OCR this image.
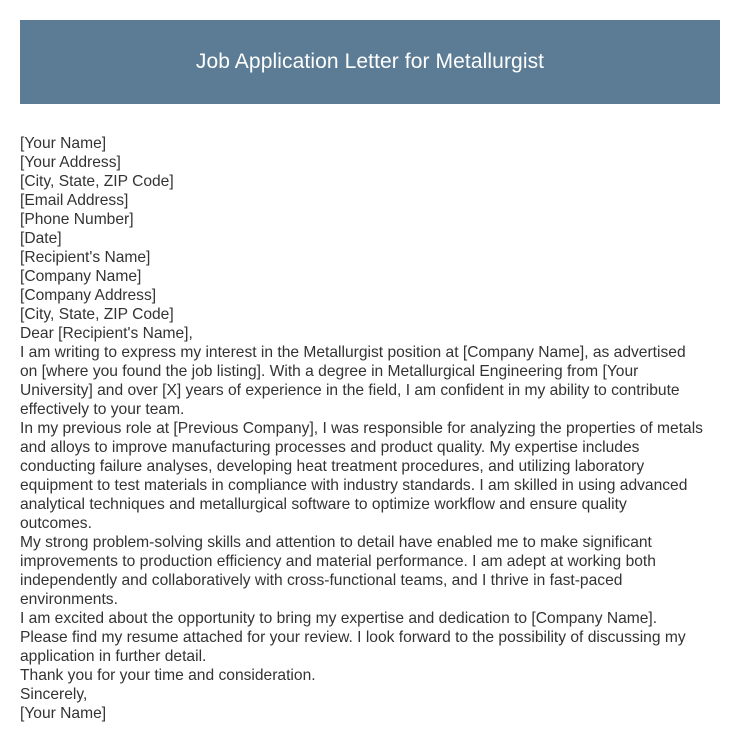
Job Application Letter for Metallurgist
[Your Name]
[Your Address]
[City, State, ZIP Code]
[Email Address]
[Phone Number]
[Date]
[Recipient's Name]
[Company Name]
[Company Address]
[City, State, ZIP Code]
Dear [Recipient's Name],

I am writing to express my interest in the Metallurgist position at [Company Name], as advertised
on [where you found the job listing]. With a degree in Metallurgical Engineering from [Your
University] and over [X] years of experience in the field, I am confident in my ability to contribute
effectively to your team.

In my previous role at [Previous Company], I was responsible for analyzing the properties of metals
and alloys to improve manufacturing processes and product quality. My expertise includes
conducting failure analyses, developing heat treatment procedures, and utilizing laboratory
equipment to test materials in compliance with industry standards. I am skilled in using advanced
analytical techniques and metallurgical software to optimize workflow and ensure quality
outcomes.

My strong problem-solving skills and attention to detail have enabled me to make significant
improvements to production efficiency and material performance. I am adept at working both
independently and collaboratively with cross-functional teams, and I thrive in fast-paced
environments.

I am excited about the opportunity to bring my expertise and dedication to [Company Name].
Please find my resume attached for your review. I look forward to the possibility of discussing my
application in further detail.

Thank you for your time and consideration.

Sincerely,
[Your Name]
